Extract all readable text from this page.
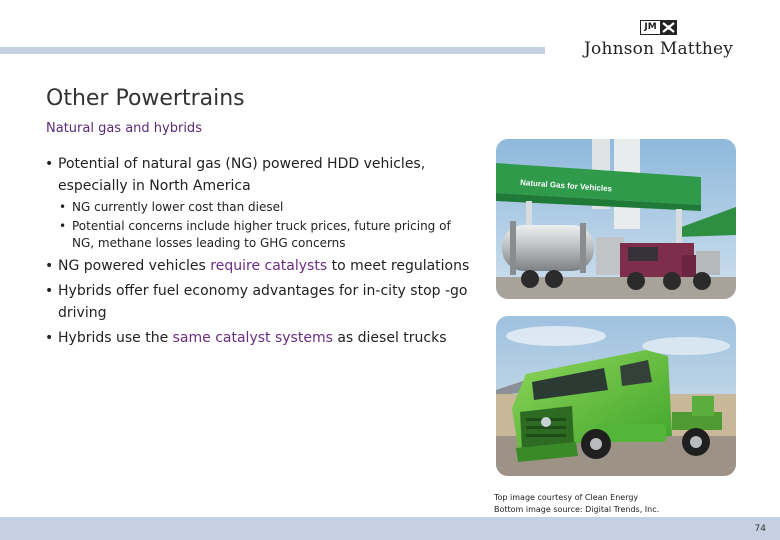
JM
Johnson Matthey
Other Powertrains
Natural gas and hybrids
• Potential of natural gas (NG) powered HDD vehicles, especially in North America
• NG currently lower cost than diesel
• Potential concerns include higher truck prices, future pricing of NG, methane losses leading to GHG concerns
• NG powered vehicles require catalysts to meet regulations
• Hybrids offer fuel economy advantages for in-city stop -go driving
• Hybrids use the same catalyst systems as diesel trucks
Natural Gas for Vehicles
Top image courtesy of Clean Energy
Bottom image source: Digital Trends, Inc.
74
